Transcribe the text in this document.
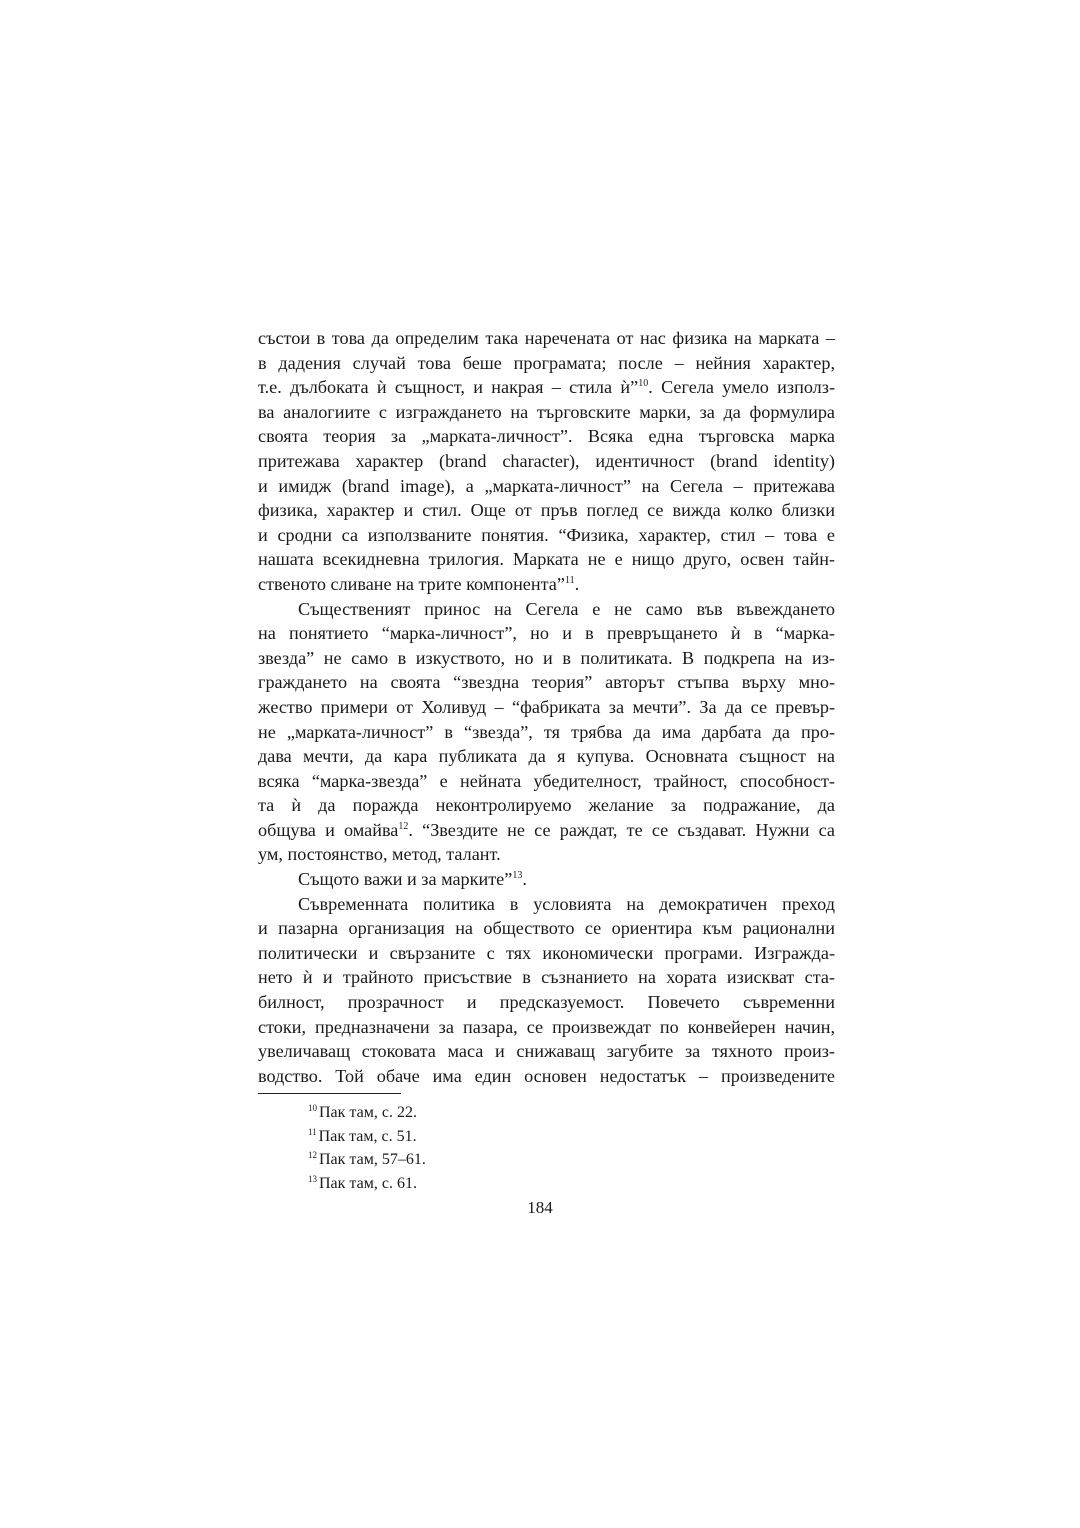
състои в това да определим така наречената от нас физика на марката –
в дадения случай това беше програмата; после – нейния характер,
т.е. дълбоката ѝ същност, и накрая – стила ѝ”$^{10}$. Сегела умело използ-
ва аналогиите с изграждането на търговските марки, за да формулира
своята теория за „марката-личност”. Всяка една търговска марка
притежава характер (brand character), идентичност (brand identity)
и имидж (brand image), а „марката-личност” на Сегела – притежава
физика, характер и стил. Още от пръв поглед се вижда колко близки
и сродни са използваните понятия. “Физика, характер, стил – това е
нашата всекидневна трилогия. Марката не е нищо друго, освен тайн-
ственото сливане на трите компонента”$^{11}$.
Същественият принос на Сегела е не само във въвеждането
на понятието “марка-личност”, но и в превръщането ѝ в “марка-
звезда” не само в изкуството, но и в политиката. В подкрепа на из-
граждането на своята “звездна теория” авторът стъпва върху мно-
жество примери от Холивуд – “фабриката за мечти”. За да се превър-
не „марката-личност” в “звезда”, тя трябва да има дарбата да про-
дава мечти, да кара публиката да я купува. Основната същност на
всяка “марка-звезда” е нейната убедителност, трайност, способност-
та ѝ да поражда неконтролируемо желание за подражание, да
общува и омайва$^{12}$. “Звездите не се раждат, те се създават. Нужни са
ум, постоянство, метод, талант.
Същото важи и за марките”$^{13}$.
Съвременната политика в условията на демократичен преход
и пазарна организация на обществото се ориентира към рационални
политически и свързаните с тях икономически програми. Изгражда-
нето ѝ и трайното присъствие в съзнанието на хората изискват ста-
билност, прозрачност и предсказуемост. Повечето съвременни
стоки, предназначени за пазара, се произвеждат по конвейерен начин,
увеличаващ стоковата маса и снижаващ загубите за тяхното произ-
водство. Той обаче има един основен недостатък – произведените
$^{10}$ Пак там, с. 22.
$^{11}$ Пак там, с. 51.
$^{12}$ Пак там, 57–61.
$^{13}$ Пак там, с. 61.
184
